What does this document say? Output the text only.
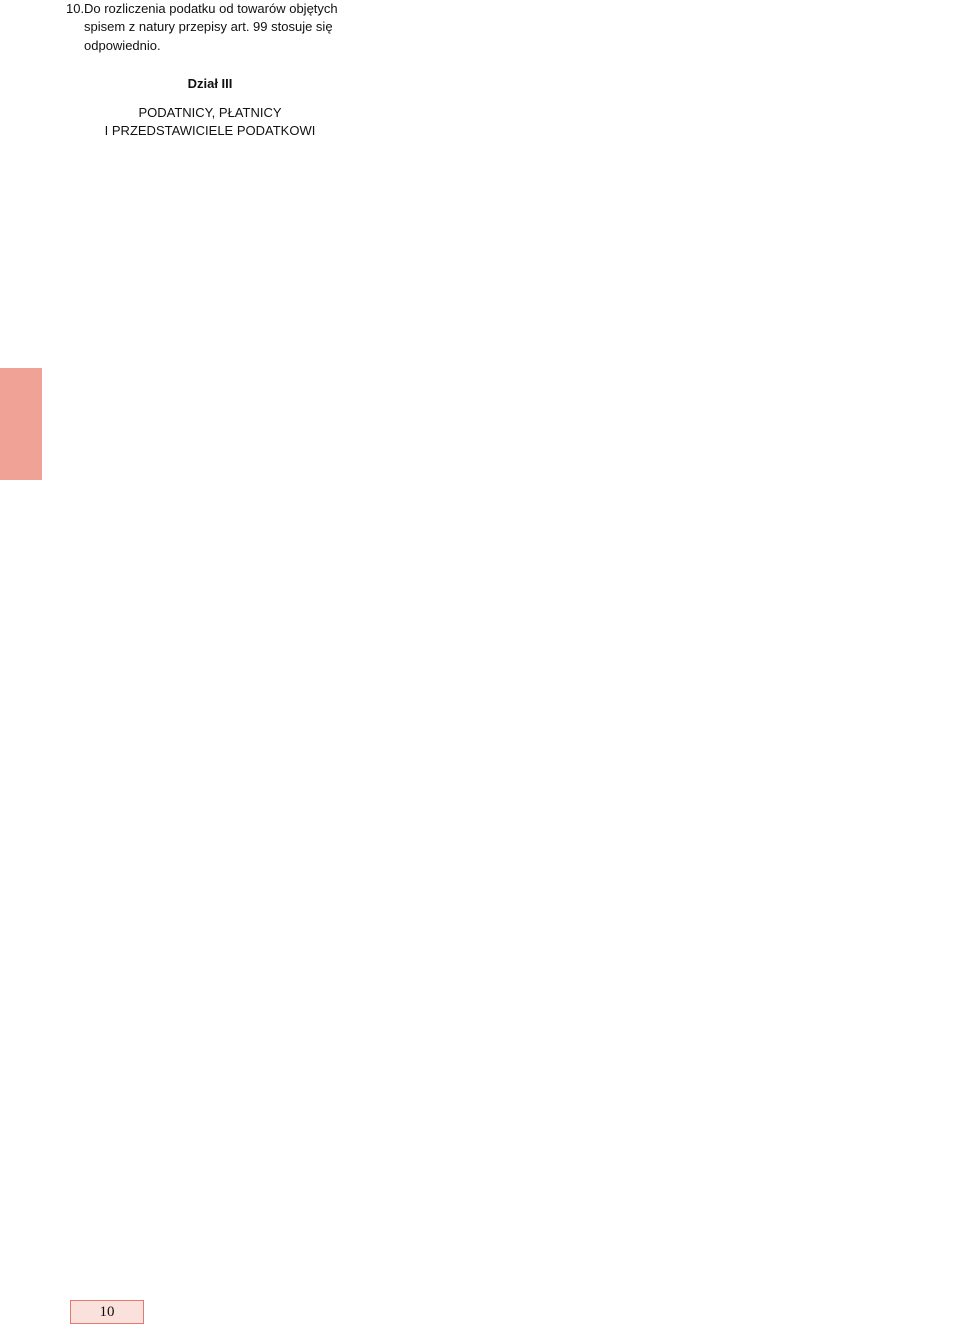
10
10. Do rozliczenia podatku od towarów objętych spisem z natury przepisy art. 99 stosuje się odpowiednio.
Dział III
PODATNICY, PŁATNICY
I PRZEDSTAWICIELE PODATKOWI
